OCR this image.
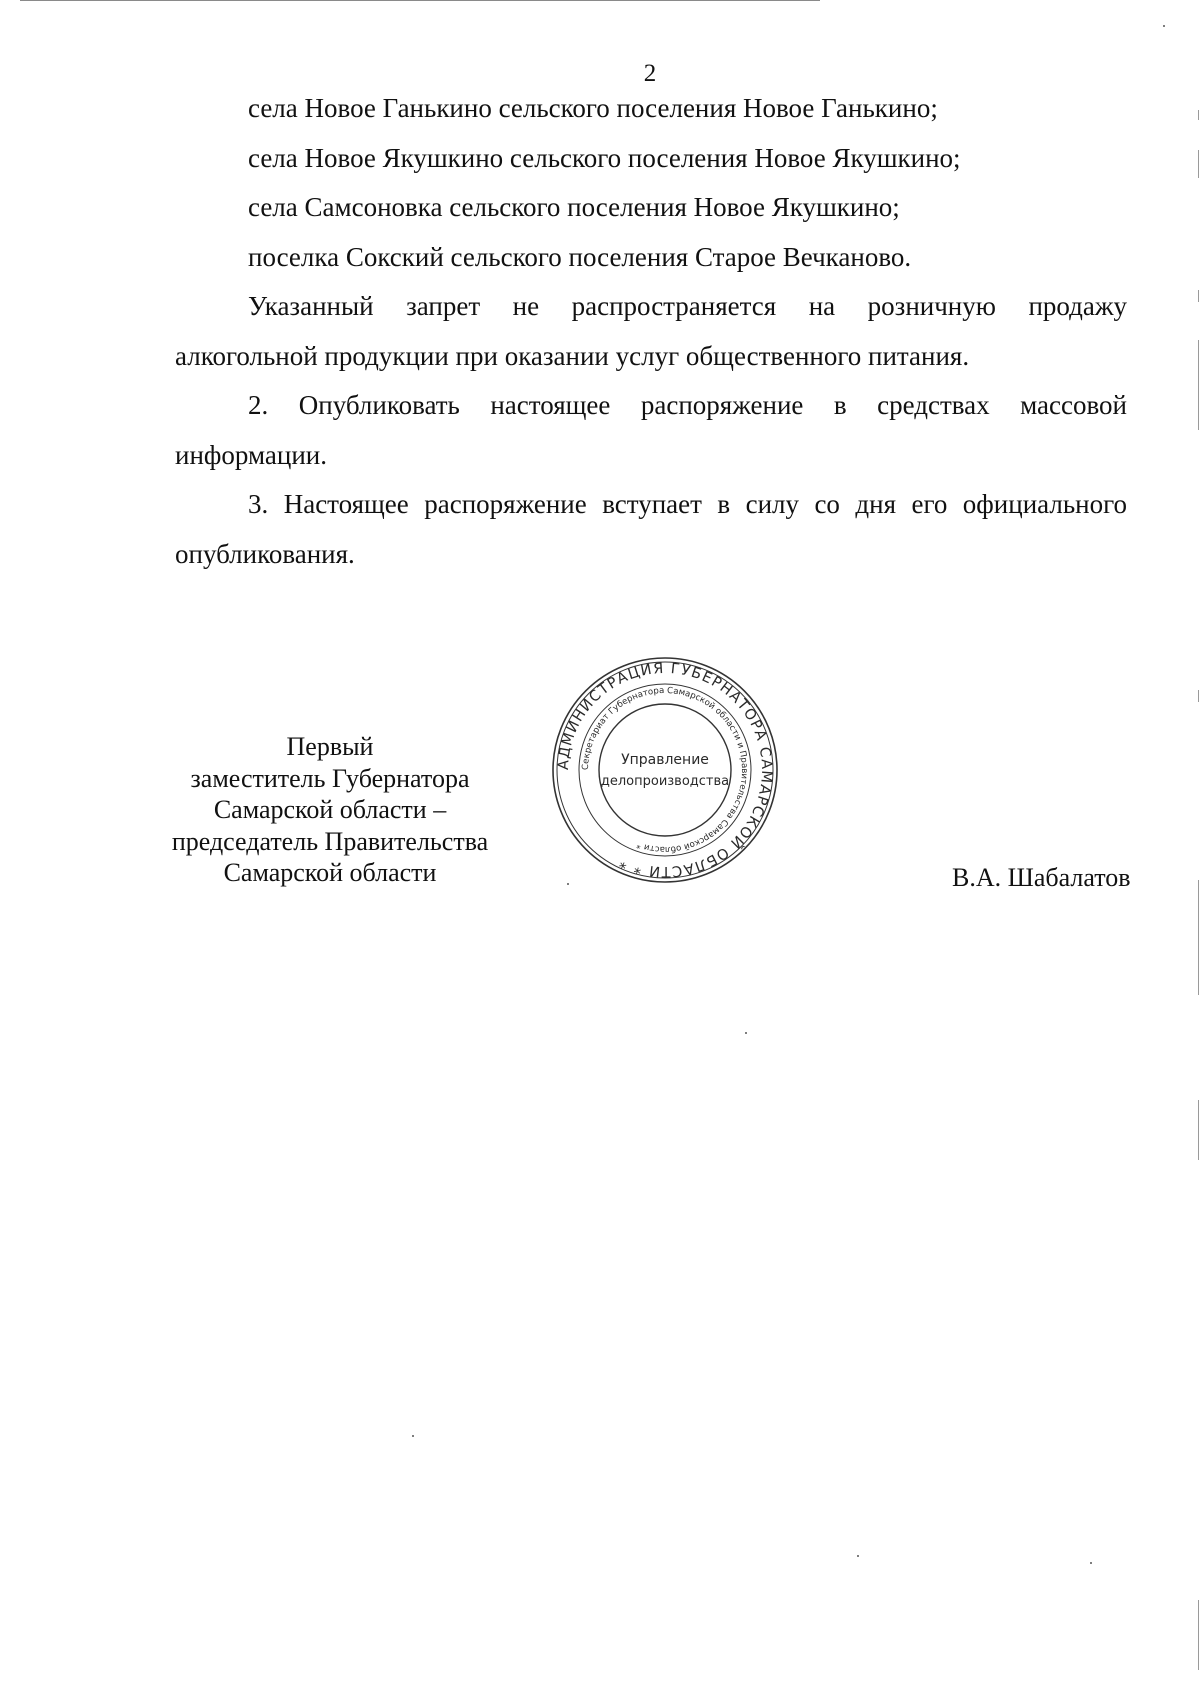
2

села Новое Ганькино сельского поселения Новое Ганькино;

села Новое Якушкино сельского поселения Новое Якушкино;

села Самсоновка сельского поселения Новое Якушкино;

поселка Сокский сельского поселения Старое Вечканово.

Указанный запрет не распространяется на розничную продажу
алкогольной продукции при оказании услуг общественного питания.

2. Опубликовать настоящее распоряжение в средствах массовой
информации.

3. Настоящее распоряжение вступает в силу со дня его официального
опубликования.

Первый
заместитель Губернатора
Самарской области –
председатель Правительства
Самарской области
АДМИНИСТРАЦИЯ ГУБЕРНАТОРА САМАРСКОЙ ОБЛАСТИ * *
Секретариат Губернатора Самарской области и Правительства Самарской области *
Управление
делопроизводства
В.А. Шабалатов
